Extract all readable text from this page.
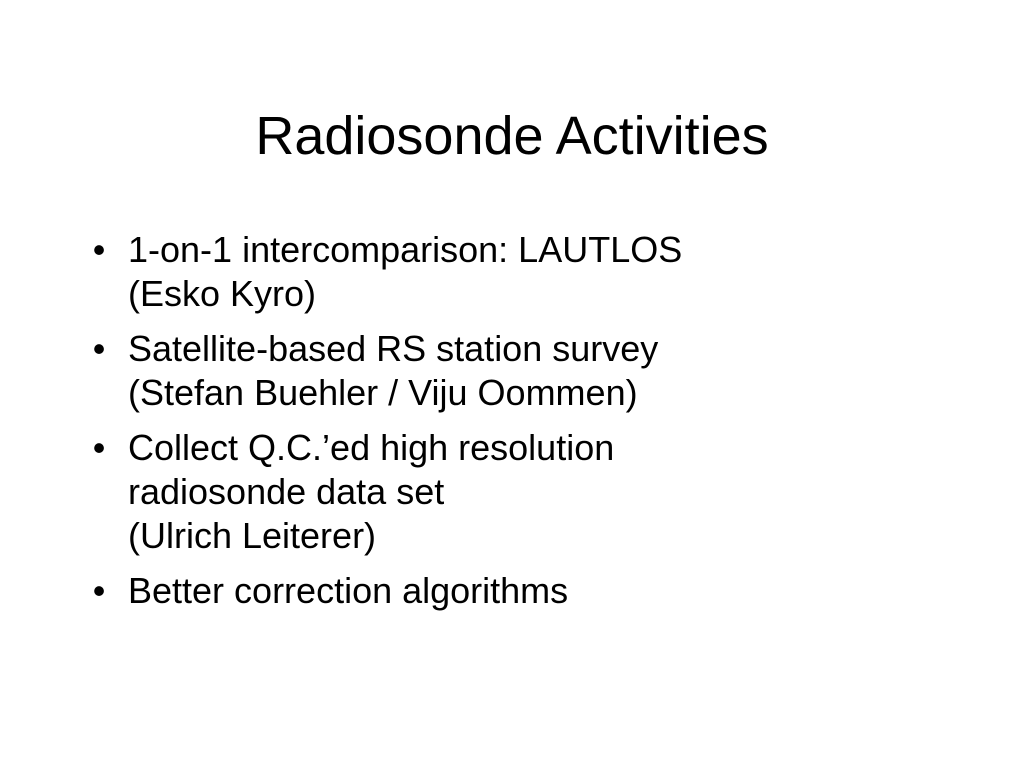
Radiosonde Activities
• 1-on-1 intercomparison: LAUTLOS
(Esko Kyro)
• Satellite-based RS station survey
(Stefan Buehler / Viju Oommen)
• Collect Q.C.’ed high resolution
radiosonde data set
(Ulrich Leiterer)
• Better correction algorithms
